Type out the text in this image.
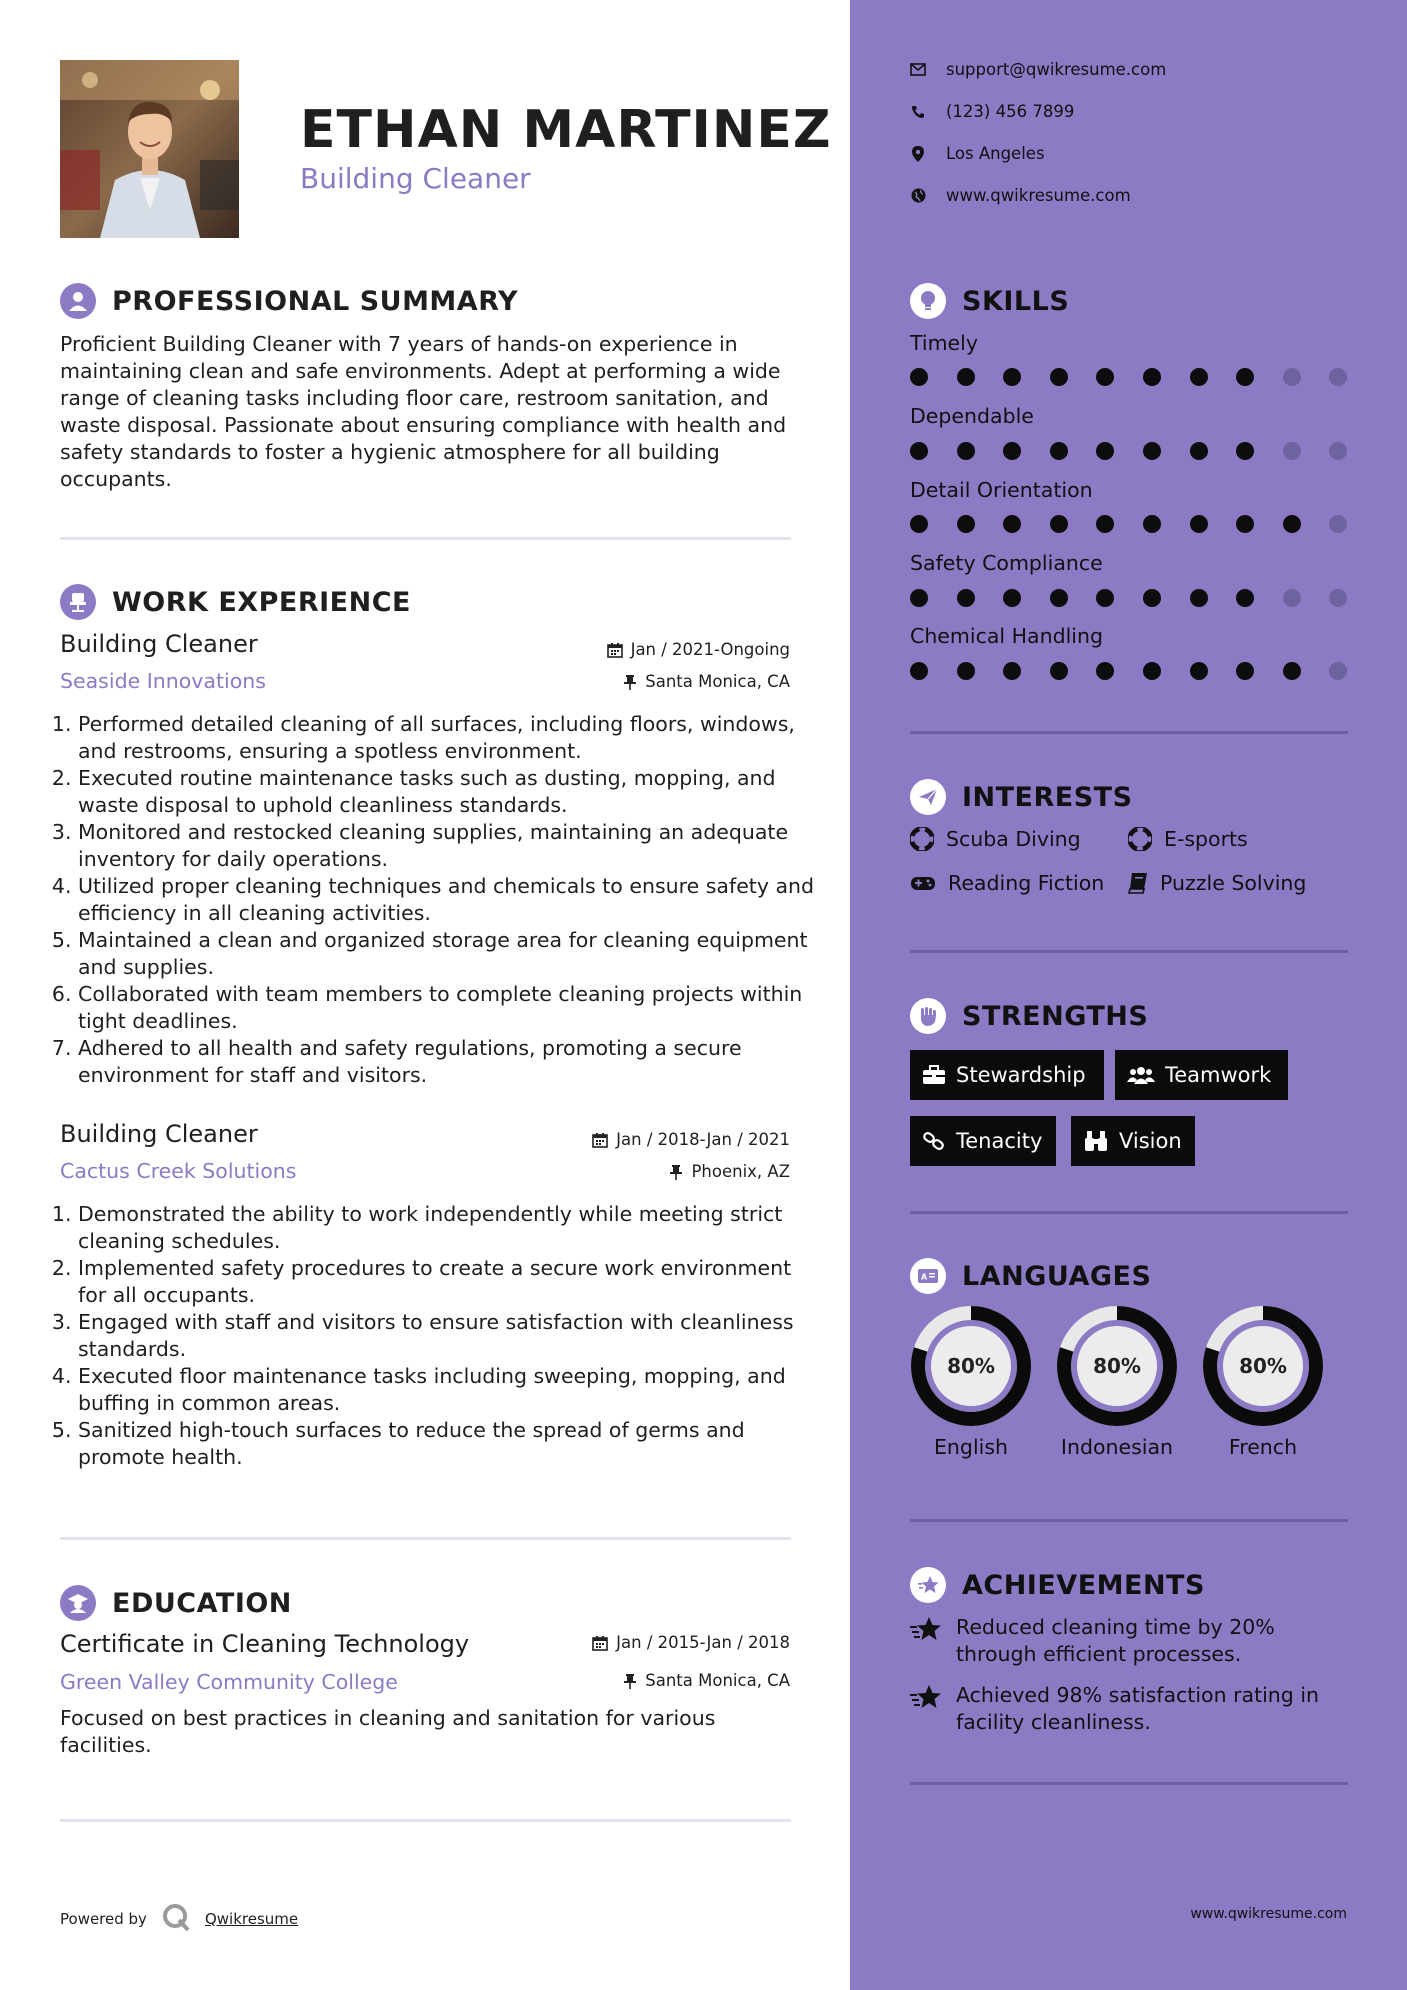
ETHAN MARTINEZ
Building Cleaner
PROFESSIONAL SUMMARY
Proficient Building Cleaner with 7 years of hands-on experience in maintaining clean and safe environments. Adept at performing a wide range of cleaning tasks including floor care, restroom sanitation, and waste disposal. Passionate about ensuring compliance with health and safety standards to foster a hygienic atmosphere for all building occupants.
WORK EXPERIENCE
Building Cleaner	Jan / 2021-Ongoing
Seaside Innovations	Santa Monica, CA
1. Performed detailed cleaning of all surfaces, including floors, windows, and restrooms, ensuring a spotless environment.
2. Executed routine maintenance tasks such as dusting, mopping, and waste disposal to uphold cleanliness standards.
3. Monitored and restocked cleaning supplies, maintaining an adequate inventory for daily operations.
4. Utilized proper cleaning techniques and chemicals to ensure safety and efficiency in all cleaning activities.
5. Maintained a clean and organized storage area for cleaning equipment and supplies.
6. Collaborated with team members to complete cleaning projects within tight deadlines.
7. Adhered to all health and safety regulations, promoting a secure environment for staff and visitors.
Building Cleaner	Jan / 2018-Jan / 2021
Cactus Creek Solutions	Phoenix, AZ
1. Demonstrated the ability to work independently while meeting strict cleaning schedules.
2. Implemented safety procedures to create a secure work environment for all occupants.
3. Engaged with staff and visitors to ensure satisfaction with cleanliness standards.
4. Executed floor maintenance tasks including sweeping, mopping, and buffing in common areas.
5. Sanitized high-touch surfaces to reduce the spread of germs and promote health.
EDUCATION
Certificate in Cleaning Technology	Jan / 2015-Jan / 2018
Green Valley Community College	Santa Monica, CA
Focused on best practices in cleaning and sanitation for various facilities.
Powered by	Qwikresume
support@qwikresume.com
(123) 456 7899
Los Angeles
www.qwikresume.com
SKILLS
Timely
Dependable
Detail Orientation
Safety Compliance
Chemical Handling
INTERESTS
Scuba Diving	E-sports
Reading Fiction	Puzzle Solving
STRENGTHS
Stewardship	Teamwork
Tenacity	Vision
A LANGUAGES
80%
English
80%
Indonesian
80%
French
ACHIEVEMENTS
Reduced cleaning time by 20% through efficient processes.
Achieved 98% satisfaction rating in facility cleanliness.
www.qwikresume.com
